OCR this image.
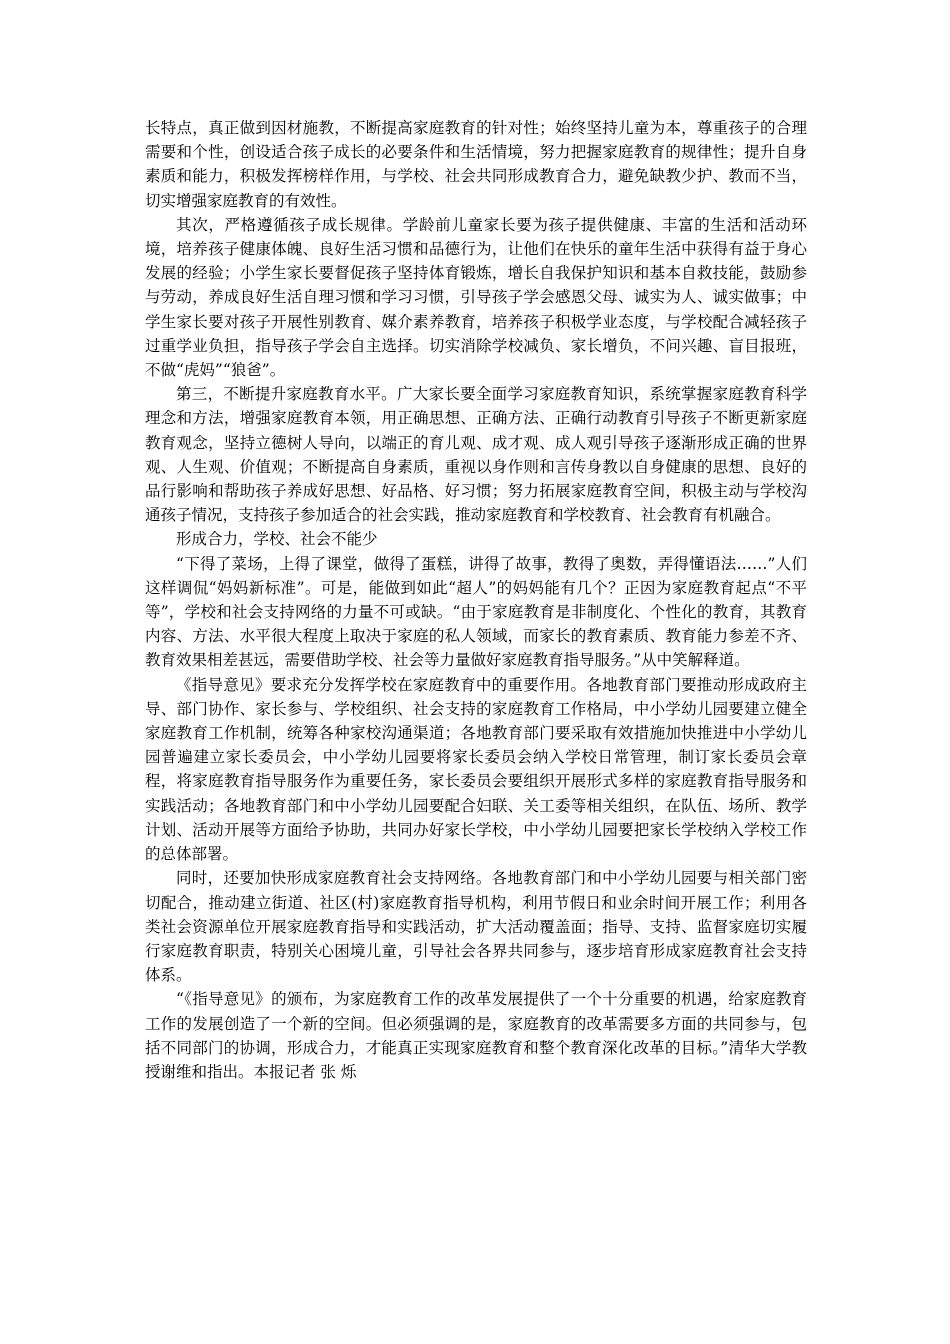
长特点，真正做到因材施教，不断提高家庭教育的针对性；始终坚持儿童为本，尊重孩子的合理需要和个性，创设适合孩子成长的必要条件和生活情境，努力把握家庭教育的规律性；提升自身素质和能力，积极发挥榜样作用，与学校、社会共同形成教育合力，避免缺教少护、教而不当，切实增强家庭教育的有效性。

其次，严格遵循孩子成长规律。学龄前儿童家长要为孩子提供健康、丰富的生活和活动环境，培养孩子健康体魄、良好生活习惯和品德行为，让他们在快乐的童年生活中获得有益于身心发展的经验；小学生家长要督促孩子坚持体育锻炼，增长自我保护知识和基本自救技能，鼓励参与劳动，养成良好生活自理习惯和学习习惯，引导孩子学会感恩父母、诚实为人、诚实做事；中学生家长要对孩子开展性别教育、媒介素养教育，培养孩子积极学业态度，与学校配合减轻孩子过重学业负担，指导孩子学会自主选择。切实消除学校减负、家长增负，不问兴趣、盲目报班，不做“虎妈”“狼爸”。

第三，不断提升家庭教育水平。广大家长要全面学习家庭教育知识，系统掌握家庭教育科学理念和方法，增强家庭教育本领，用正确思想、正确方法、正确行动教育引导孩子不断更新家庭教育观念，坚持立德树人导向，以端正的育儿观、成才观、成人观引导孩子逐渐形成正确的世界观、人生观、价值观；不断提高自身素质，重视以身作则和言传身教以自身健康的思想、良好的品行影响和帮助孩子养成好思想、好品格、好习惯；努力拓展家庭教育空间，积极主动与学校沟通孩子情况，支持孩子参加适合的社会实践，推动家庭教育和学校教育、社会教育有机融合。

形成合力，学校、社会不能少

“下得了菜场，上得了课堂，做得了蛋糕，讲得了故事，教得了奥数，弄得懂语法……”人们这样调侃“妈妈新标准”。可是，能做到如此“超人”的妈妈能有几个？正因为家庭教育起点“不平等”，学校和社会支持网络的力量不可或缺。“由于家庭教育是非制度化、个性化的教育，其教育内容、方法、水平很大程度上取决于家庭的私人领域，而家长的教育素质、教育能力参差不齐、教育效果相差甚远，需要借助学校、社会等力量做好家庭教育指导服务。”从中笑解释道。

《指导意见》要求充分发挥学校在家庭教育中的重要作用。各地教育部门要推动形成政府主导、部门协作、家长参与、学校组织、社会支持的家庭教育工作格局，中小学幼儿园要建立健全家庭教育工作机制，统筹各种家校沟通渠道；各地教育部门要采取有效措施加快推进中小学幼儿园普遍建立家长委员会，中小学幼儿园要将家长委员会纳入学校日常管理，制订家长委员会章程，将家庭教育指导服务作为重要任务，家长委员会要组织开展形式多样的家庭教育指导服务和实践活动；各地教育部门和中小学幼儿园要配合妇联、关工委等相关组织，在队伍、场所、教学计划、活动开展等方面给予协助，共同办好家长学校，中小学幼儿园要把家长学校纳入学校工作的总体部署。

同时，还要加快形成家庭教育社会支持网络。各地教育部门和中小学幼儿园要与相关部门密切配合，推动建立街道、社区(村)家庭教育指导机构，利用节假日和业余时间开展工作；利用各类社会资源单位开展家庭教育指导和实践活动，扩大活动覆盖面；指导、支持、监督家庭切实履行家庭教育职责，特别关心困境儿童，引导社会各界共同参与，逐步培育形成家庭教育社会支持体系。

“《指导意见》的颁布，为家庭教育工作的改革发展提供了一个十分重要的机遇，给家庭教育工作的发展创造了一个新的空间。但必须强调的是，家庭教育的改革需要多方面的共同参与，包括不同部门的协调，形成合力，才能真正实现家庭教育和整个教育深化改革的目标。”清华大学教授谢维和指出。本报记者 张 烁
